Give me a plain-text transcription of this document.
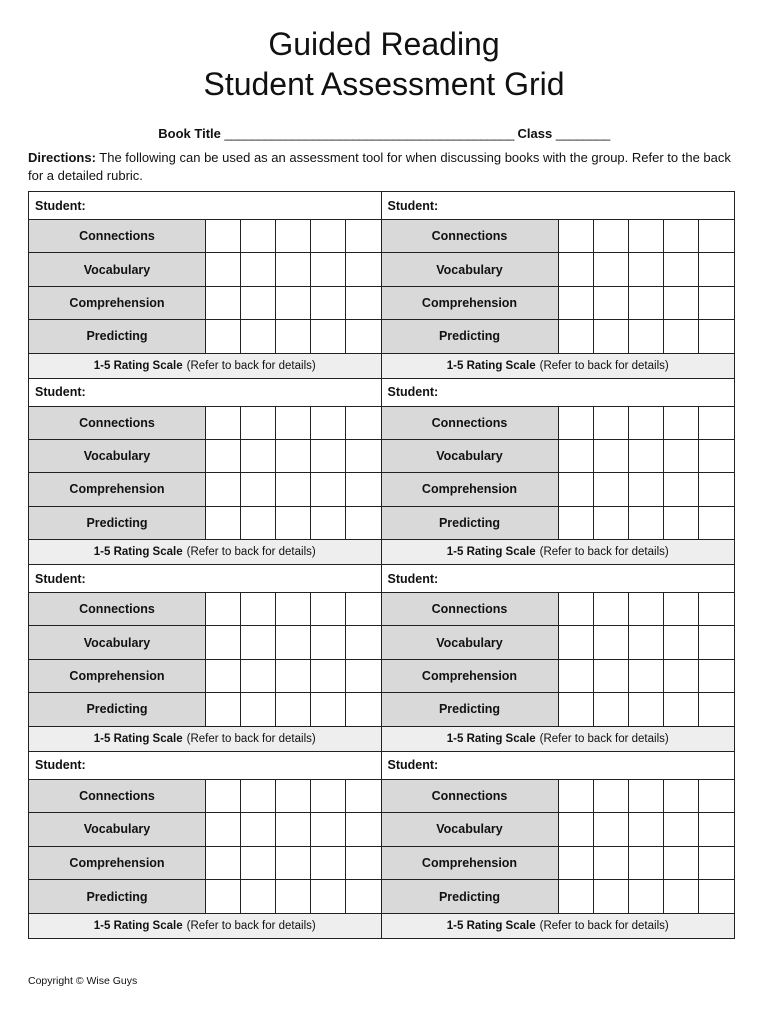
Guided Reading
Student Assessment Grid
Book Title ___________________________________________ Class ________
Directions: The following can be used as an assessment tool for when discussing books with the group. Refer to the back for a detailed rubric.
Student:
Connections
Vocabulary
Comprehension
Predicting
1-5 Rating Scale (Refer to back for details)
Student:
Connections
Vocabulary
Comprehension
Predicting
1-5 Rating Scale (Refer to back for details)
Student:
Connections
Vocabulary
Comprehension
Predicting
1-5 Rating Scale (Refer to back for details)
Student:
Connections
Vocabulary
Comprehension
Predicting
1-5 Rating Scale (Refer to back for details)
Student:
Connections
Vocabulary
Comprehension
Predicting
1-5 Rating Scale (Refer to back for details)
Student:
Connections
Vocabulary
Comprehension
Predicting
1-5 Rating Scale (Refer to back for details)
Student:
Connections
Vocabulary
Comprehension
Predicting
1-5 Rating Scale (Refer to back for details)
Student:
Connections
Vocabulary
Comprehension
Predicting
1-5 Rating Scale (Refer to back for details)
Copyright © Wise Guys
